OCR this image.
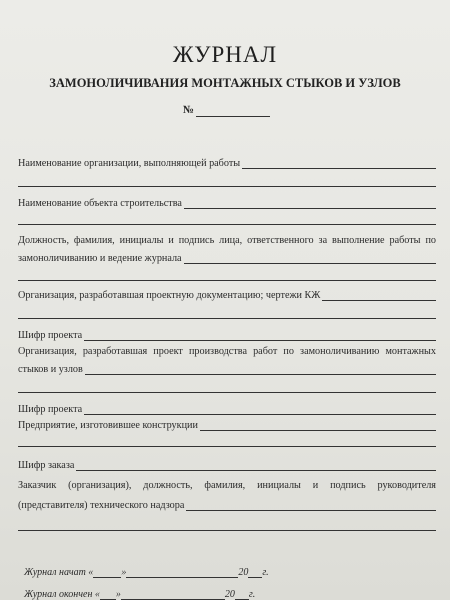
ЖУРНАЛ
ЗАМОНОЛИЧИВАНИЯ МОНТАЖНЫХ СТЫКОВ И УЗЛОВ
№
Наименование организации, выполняющей работы
Наименование объекта строительства
Должность, фамилия, инициалы и подпись лица, ответственного за выполнение работы по
замоноличиванию и ведение журнала
Организация, разработавшая проектную документацию; чертежи КЖ
Шифр проекта
Организация, разработавшая проект производства работ по замоноличиванию монтажных
стыков и узлов
Шифр проекта
Предприятие, изготовившее конструкции
Шифр заказа
Заказчик (организация), должность, фамилия, инициалы и подпись руководителя
(представителя) технического надзора
Журнал начат «	»	20 г.
Журнал окончен « »	20 г.
